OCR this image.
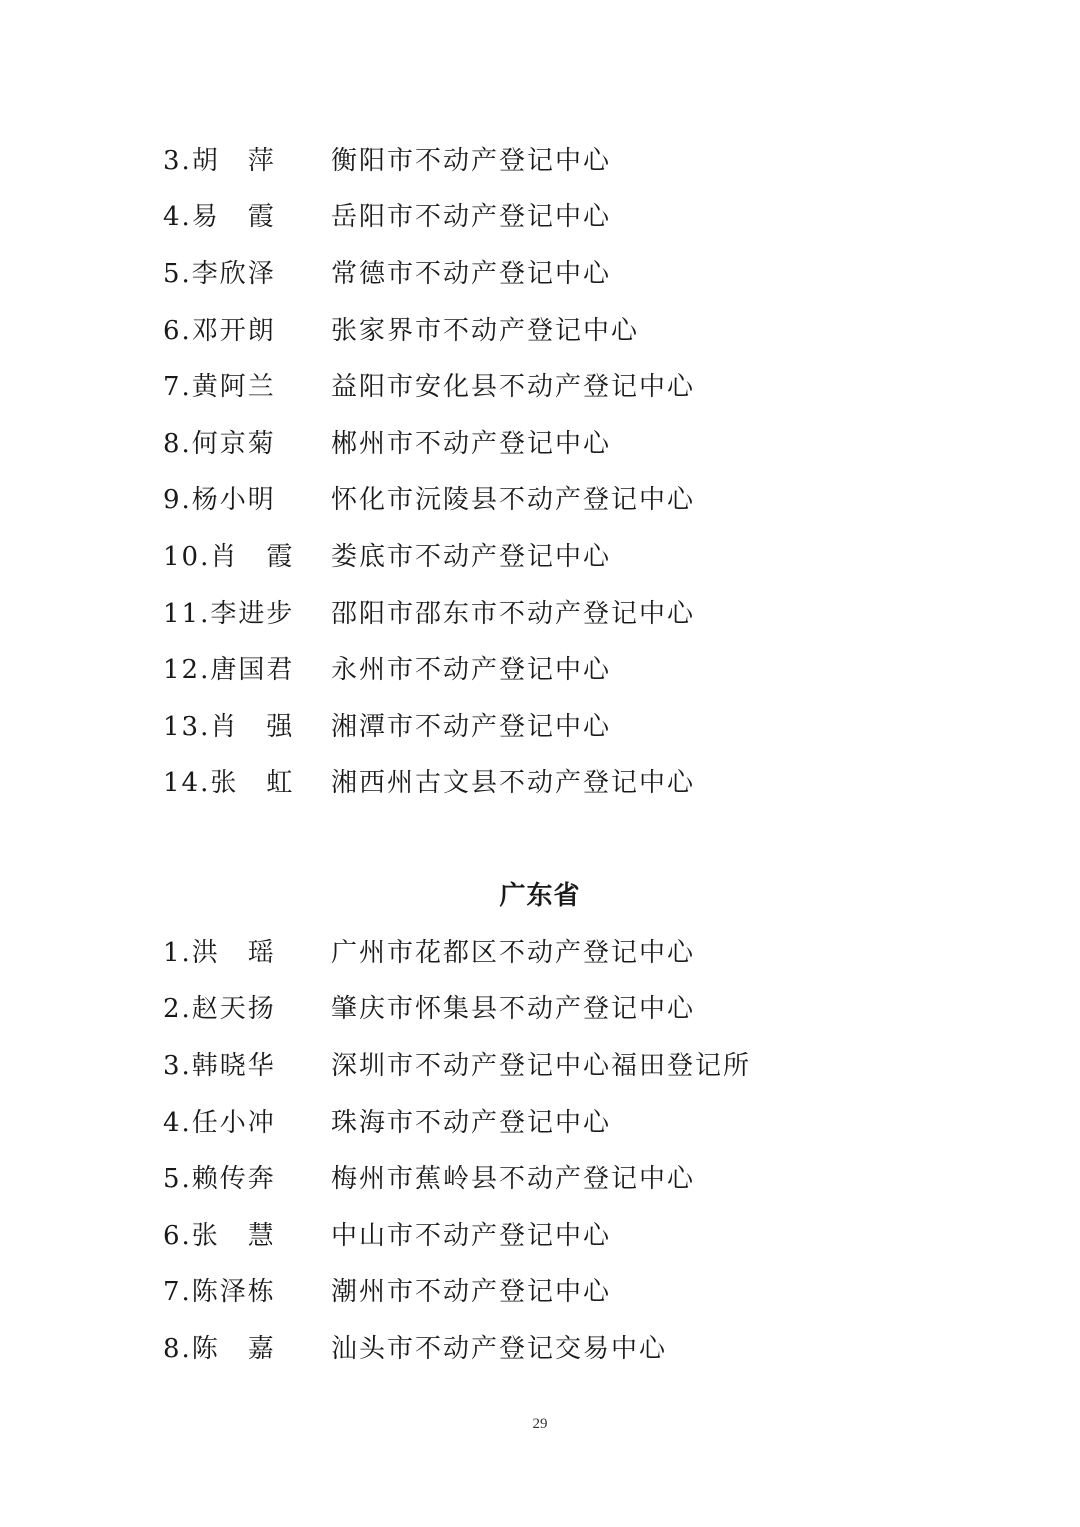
3.胡　萍	衡阳市不动产登记中心
4.易　霞	岳阳市不动产登记中心
5.李欣泽	常德市不动产登记中心
6.邓开朗	张家界市不动产登记中心
7.黄阿兰	益阳市安化县不动产登记中心
8.何京菊	郴州市不动产登记中心
9.杨小明	怀化市沅陵县不动产登记中心
10.肖　霞	娄底市不动产登记中心
11.李进步	邵阳市邵东市不动产登记中心
12.唐国君	永州市不动产登记中心
13.肖　强	湘潭市不动产登记中心
14.张　虹	湘西州古文县不动产登记中心
广东省
1.洪　瑶	广州市花都区不动产登记中心
2.赵天扬	肇庆市怀集县不动产登记中心
3.韩晓华	深圳市不动产登记中心福田登记所
4.任小冲	珠海市不动产登记中心
5.赖传奔	梅州市蕉岭县不动产登记中心
6.张　慧	中山市不动产登记中心
7.陈泽栋	潮州市不动产登记中心
8.陈　嘉	汕头市不动产登记交易中心
29
